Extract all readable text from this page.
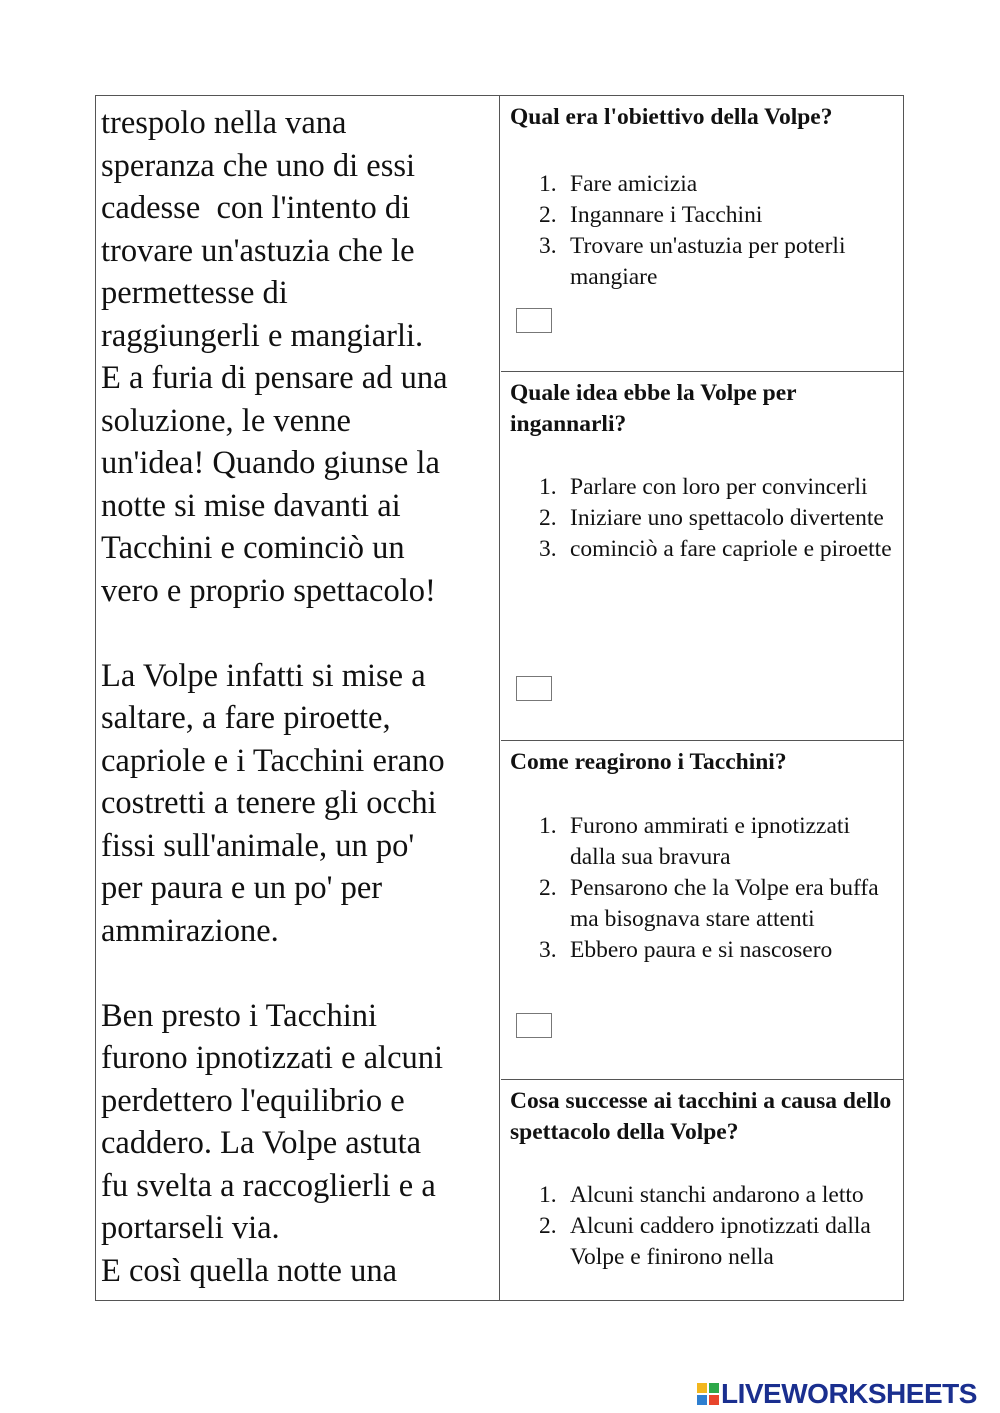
trespolo nella vana
speranza che uno di essi
cadesse  con l'intento di
trovare un'astuzia che le
permettesse di
raggiungerli e mangiarli.
E a furia di pensare ad una
soluzione, le venne
un'idea! Quando giunse la
notte si mise davanti ai
Tacchini e cominciò un
vero e proprio spettacolo!

La Volpe infatti si mise a
saltare, a fare piroette,
capriole e i Tacchini erano
costretti a tenere gli occhi
fissi sull'animale, un po'
per paura e un po' per
ammirazione.

Ben presto i Tacchini
furono ipnotizzati e alcuni
perdettero l'equilibrio e
caddero. La Volpe astuta
fu svelta a raccoglierli e a
portarseli via.
E così quella notte una

Qual era l'obiettivo della Volpe?

1. Fare amicizia
2. Ingannare i Tacchini
3. Trovare un'astuzia per poterli mangiare

Quale idea ebbe la Volpe per ingannarli?

1. Parlare con loro per convincerli
2. Iniziare uno spettacolo divertente
3. cominciò a fare capriole e piroette

Come reagirono i Tacchini?

1. Furono ammirati e ipnotizzati dalla sua bravura
2. Pensarono che la Volpe era buffa ma bisognava stare attenti
3. Ebbero paura e si nascosero

Cosa successe ai tacchini a causa dello spettacolo della Volpe?

1. Alcuni stanchi andarono a letto
2. Alcuni caddero ipnotizzati dalla Volpe e finirono nella
LIVEWORKSHEETS
